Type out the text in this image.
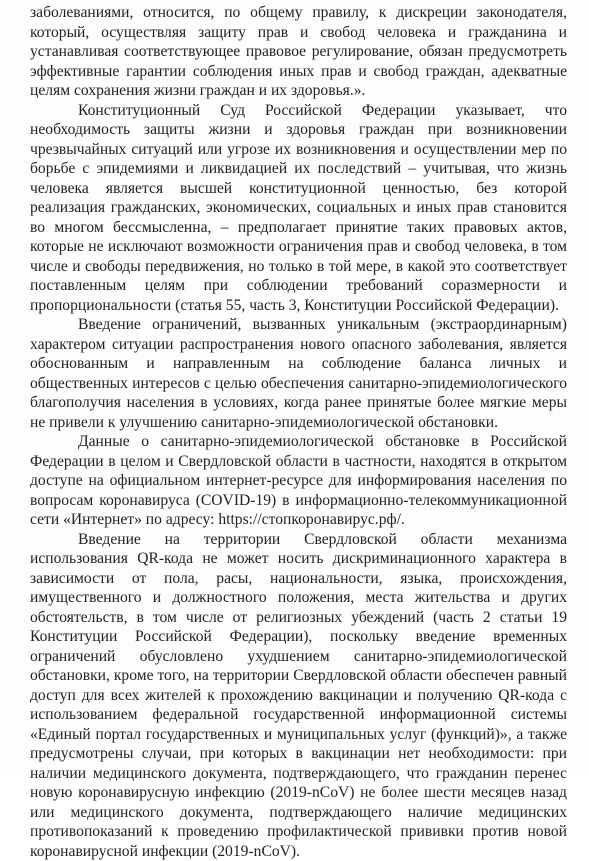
заболеваниями, относится, по общему правилу, к дискреции законодателя, который, осуществляя защиту прав и свобод человека и гражданина и устанавливая соответствующее правовое регулирование, обязан предусмотреть эффективные гарантии соблюдения иных прав и свобод граждан, адекватные целям сохранения жизни граждан и их здоровья.».

Конституционный Суд Российской Федерации указывает, что необходимость защиты жизни и здоровья граждан при возникновении чрезвычайных ситуаций или угрозе их возникновения и осуществлении мер по борьбе с эпидемиями и ликвидацией их последствий – учитывая, что жизнь человека является высшей конституционной ценностью, без которой реализация гражданских, экономических, социальных и иных прав становится во многом бессмысленна, – предполагает принятие таких правовых актов, которые не исключают возможности ограничения прав и свобод человека, в том числе и свободы передвижения, но только в той мере, в какой это соответствует поставленным целям при соблюдении требований соразмерности и пропорциональности (статья 55, часть 3, Конституции Российской Федерации).

Введение ограничений, вызванных уникальным (экстраординарным) характером ситуации распространения нового опасного заболевания, является обоснованным и направленным на соблюдение баланса личных и общественных интересов с целью обеспечения санитарно-эпидемиологического благополучия населения в условиях, когда ранее принятые более мягкие меры не привели к улучшению санитарно-эпидемиологической обстановки.

Данные о санитарно-эпидемиологической обстановке в Российской Федерации в целом и Свердловской области в частности, находятся в открытом доступе на официальном интернет-ресурсе для информирования населения по вопросам коронавируса (COVID-19) в информационно-телекоммуникационной сети «Интернет» по адресу: https://стопкоронавирус.рф/.

Введение на территории Свердловской области механизма использования QR-кода не может носить дискриминационного характера в зависимости от пола, расы, национальности, языка, происхождения, имущественного и должностного положения, места жительства и других обстоятельств, в том числе от религиозных убеждений (часть 2 статьи 19 Конституции Российской Федерации), поскольку введение временных ограничений обусловлено ухудшением санитарно-эпидемиологической обстановки, кроме того, на территории Свердловской области обеспечен равный доступ для всех жителей к прохождению вакцинации и получению QR-кода с использованием федеральной государственной информационной системы «Единый портал государственных и муниципальных услуг (функций)», а также предусмотрены случаи, при которых в вакцинации нет необходимости: при наличии медицинского документа, подтверждающего, что гражданин перенес новую коронавирусную инфекцию (2019-nCoV) не более шести месяцев назад или медицинского документа, подтверждающего наличие медицинских противопоказаний к проведению профилактической прививки против новой коронавирусной инфекции (2019-nCoV).
